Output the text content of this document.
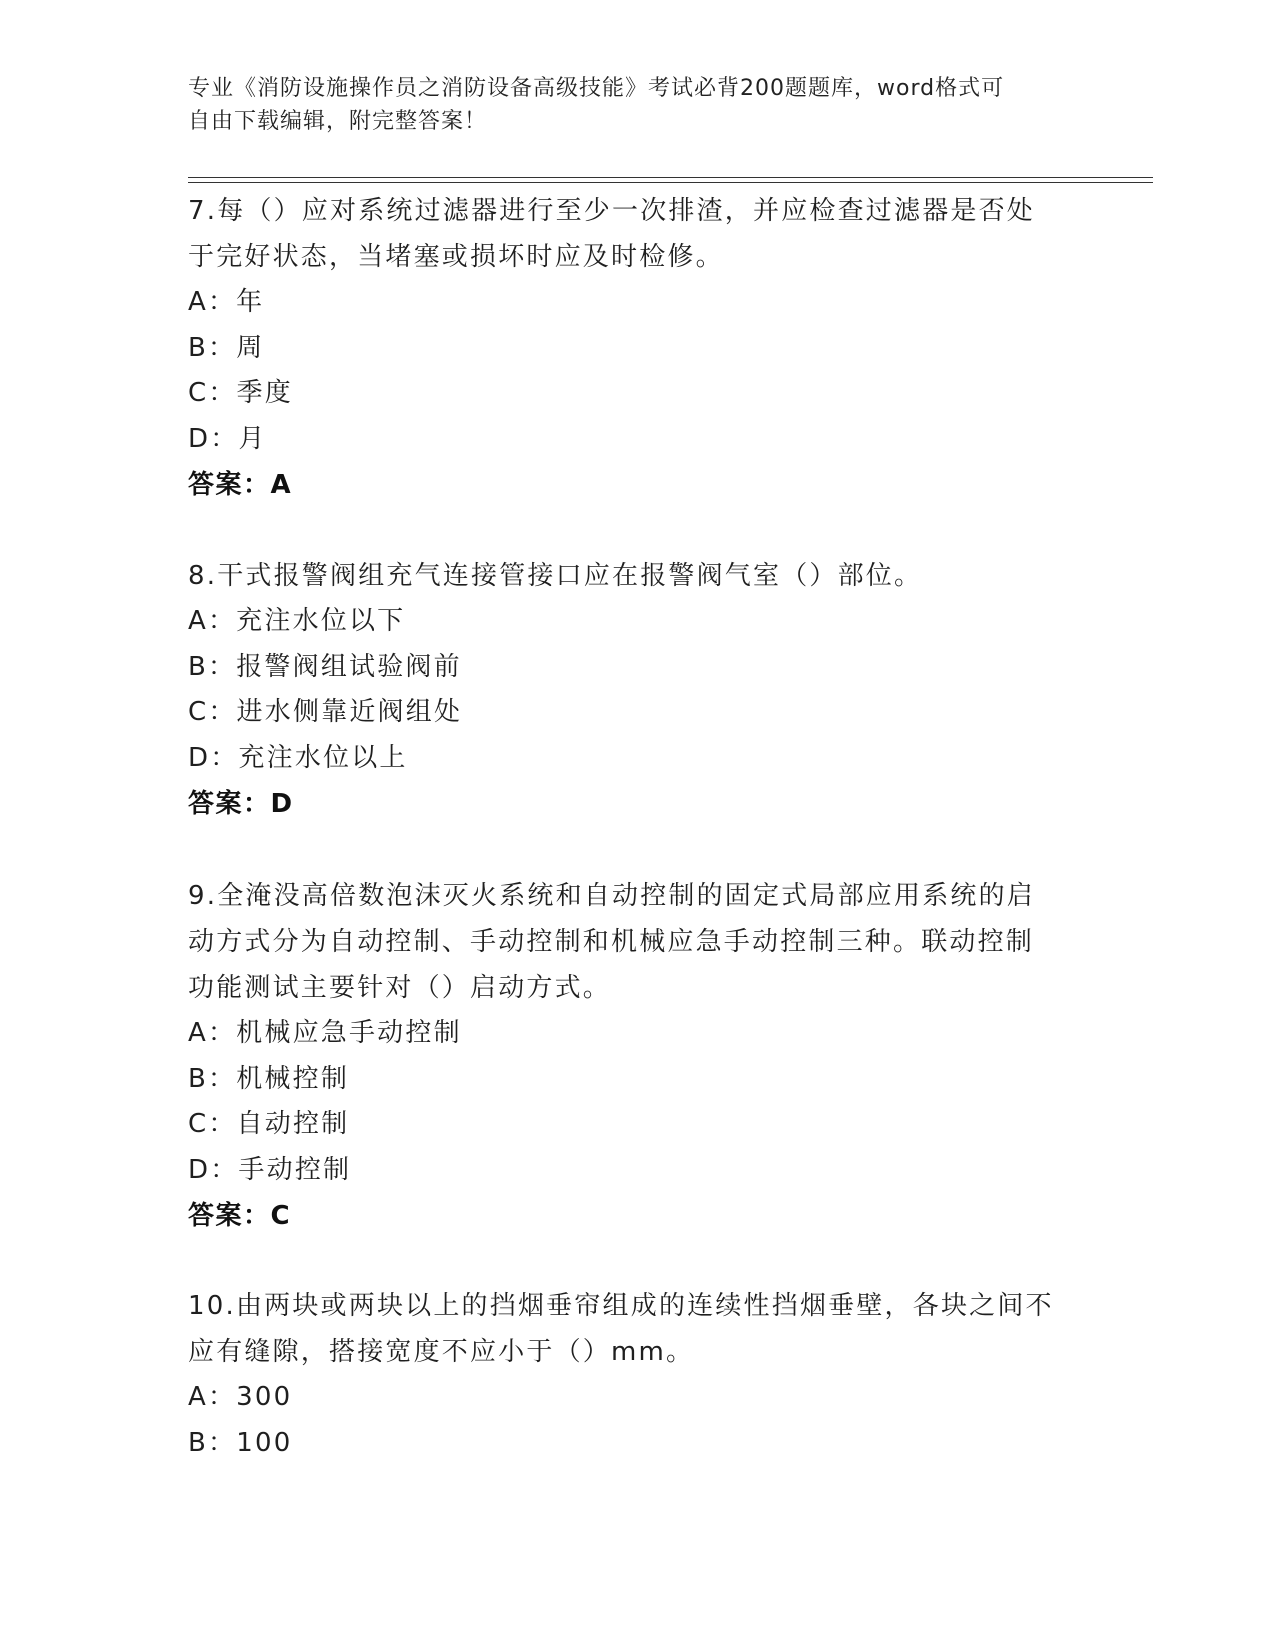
专业《消防设施操作员之消防设备高级技能》考试必背200题题库，word格式可

自由下载编辑，附完整答案！

7.每（）应对系统过滤器进行至少一次排渣，并应检查过滤器是否处
于完好状态，当堵塞或损坏时应及时检修。
A：年
B：周
C：季度
D：月
答案：A
8.干式报警阀组充气连接管接口应在报警阀气室（）部位。
A：充注水位以下
B：报警阀组试验阀前
C：进水侧靠近阀组处
D：充注水位以上
答案：D
9.全淹没高倍数泡沫灭火系统和自动控制的固定式局部应用系统的启
动方式分为自动控制、手动控制和机械应急手动控制三种。联动控制
功能测试主要针对（）启动方式。
A：机械应急手动控制
B：机械控制
C：自动控制
D：手动控制
答案：C
10.由两块或两块以上的挡烟垂帘组成的连续性挡烟垂壁，各块之间不
应有缝隙，搭接宽度不应小于（）mm。
A：300
B：100
